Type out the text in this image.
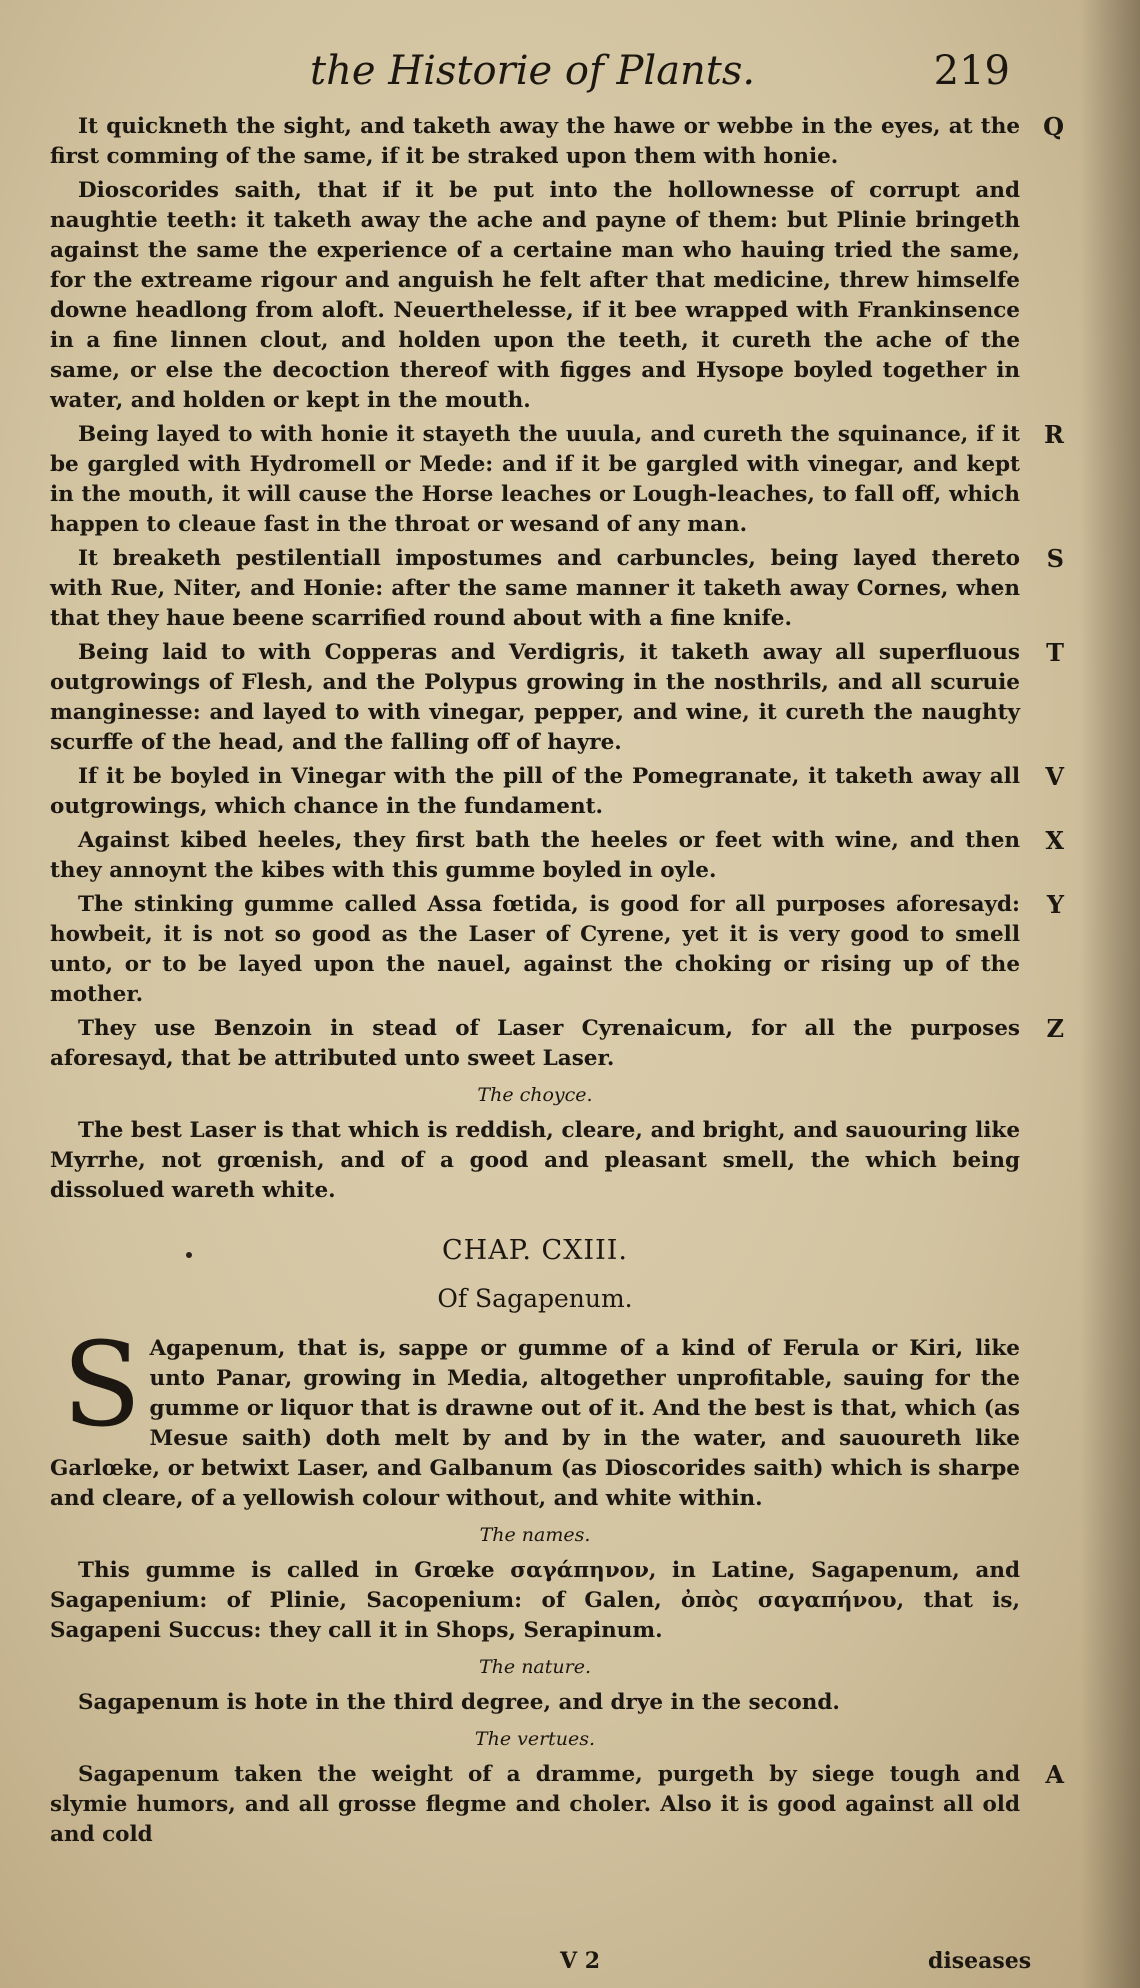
the Historie of Plants.	219

It quickneth the sight, and taketh away the hawe or webbe in the eyes, at the first comming of the same, if it be straked upon them with honie.
Q

Dioscorides saith, that if it be put into the hollownesse of corrupt and naughtie teeth: it taketh away the ache and payne of them: but Plinie bringeth against the same the experience of a certaine man who hauing tried the same, for the extreame rigour and anguish he felt after that medicine, threw himselfe downe headlong from aloft. Neuerthelesse, if it bee wrapped with Frankinsence in a fine linnen clout, and holden upon the teeth, it cureth the ache of the same, or else the decoction thereof with figges and Hysope boyled together in water, and holden or kept in the mouth.

Being layed to with honie it stayeth the uuula, and cureth the squinance, if it be gargled with Hydromell or Mede: and if it be gargled with vinegar, and kept in the mouth, it will cause the Horse leaches or Lough-leaches, to fall off, which happen to cleaue fast in the throat or wesand of any man.
R

It breaketh pestilentiall impostumes and carbuncles, being layed thereto with Rue, Niter, and Honie: after the same manner it taketh away Cornes, when that they haue beene scarrified round about with a fine knife.
S

Being laid to with Copperas and Verdigris, it taketh away all superfluous outgrowings of Flesh, and the Polypus growing in the nosthrils, and all scuruie manginesse: and layed to with vinegar, pepper, and wine, it cureth the naughty scurffe of the head, and the falling off of hayre.
T

If it be boyled in Vinegar with the pill of the Pomegranate, it taketh away all outgrowings, which chance in the fundament.
V

Against kibed heeles, they first bath the heeles or feet with wine, and then they annoynt the kibes with this gumme boyled in oyle.
X

The stinking gumme called Assa fœtida, is good for all purposes aforesayd: howbeit, it is not so good as the Laser of Cyrene, yet it is very good to smell unto, or to be layed upon the nauel, against the choking or rising up of the mother.
Y

They use Benzoin in stead of Laser Cyrenaicum, for all the purposes aforesayd, that be attributed unto sweet Laser.
Z

The choyce.

The best Laser is that which is reddish, cleare, and bright, and sauouring like Myrrhe, not grœnish, and of a good and pleasant smell, the which being dissolued wareth white.

CHAP. CXIII.
Of Sagapenum.

S Agapenum, that is, sappe or gumme of a kind of Ferula or Kiri, like unto Panar, growing in Media, altogether unprofitable, sauing for the gumme or liquor that is drawne out of it. And the best is that, which (as Mesue saith) doth melt by and by in the water, and sauoureth like Garlœke, or betwixt Laser, and Galbanum (as Dioscorides saith) which is sharpe and cleare, of a yellowish colour without, and white within.

The names.

This gumme is called in Grœke σαγάπηνον, in Latine, Sagapenum, and Sagapenium: of Plinie, Sacopenium: of Galen, ὀπὸς σαγαπήνου, that is, Sagapeni Succus: they call it in Shops, Serapinum.

The nature.

Sagapenum is hote in the third degree, and drye in the second.

The vertues.

Sagapenum taken the weight of a dramme, purgeth by siege tough and slymie humors, and all grosse flegme and choler. Also it is good against all old and cold
A

V 2	diseases
